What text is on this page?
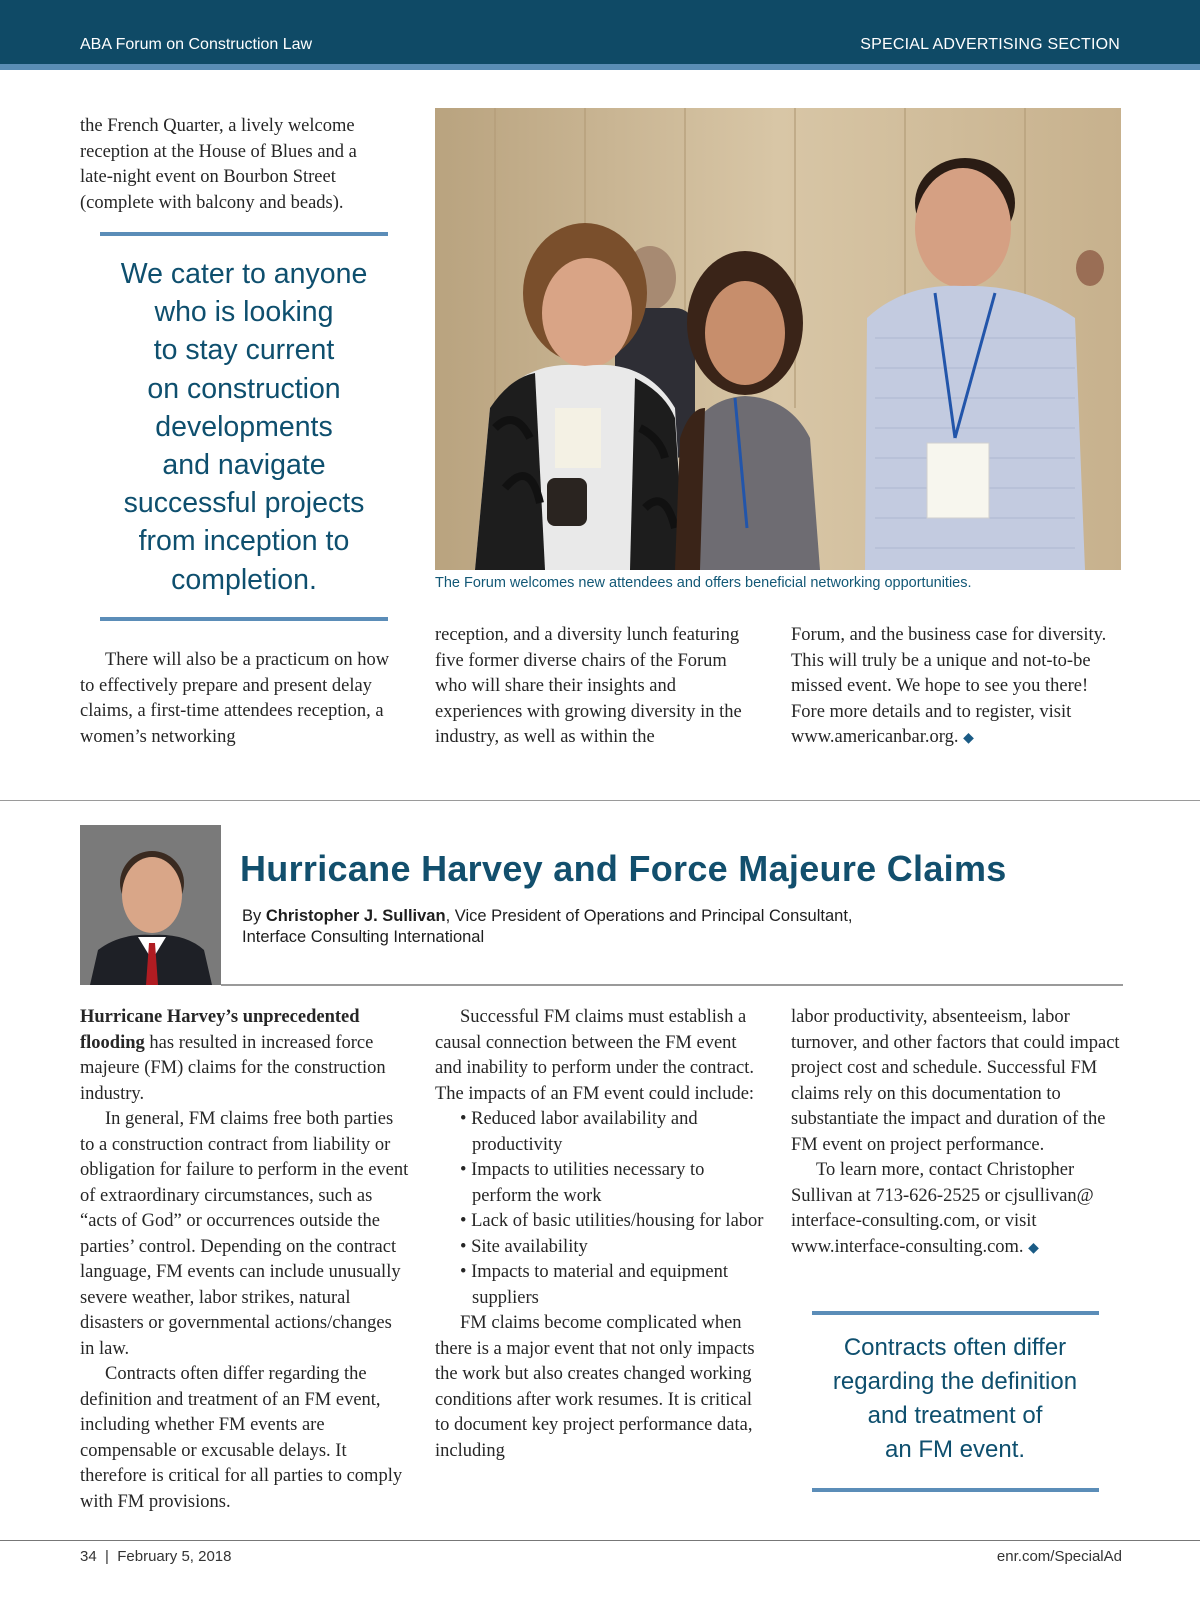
ABA Forum on Construction Law	SPECIAL ADVERTISING SECTION
the French Quarter, a lively welcome reception at the House of Blues and a late-night event on Bourbon Street (complete with balcony and beads).
We cater to anyone
who is looking
to stay current
on construction
developments
and navigate
successful projects
from inception to
completion.	The Forum welcomes new attendees and offers beneficial networking opportunities.
There will also be a practicum on how to effectively prepare and present delay claims, a first-time attendees reception, a women’s networking
reception, and a diversity lunch featuring five former diverse chairs of the Forum who will share their insights and experiences with growing diversity in the industry, as well as within the
Forum, and the business case for diversity. This will truly be a unique and not-to-be missed event. We hope to see you there! Fore more details and to register, visit www.americanbar.org. ◆
Hurricane Harvey and Force Majeure Claims
By Christopher J. Sullivan, Vice President of Operations and Principal Consultant,
Interface Consulting International

Hurricane Harvey’s unprecedented flooding has resulted in increased force majeure (FM) claims for the construction industry.

In general, FM claims free both parties to a construction contract from liability or obligation for failure to perform in the event of extraordinary circumstances, such as “acts of God” or occurrences outside the parties’ control. Depending on the contract language, FM events can include unusually severe weather, labor strikes, natural disasters or governmental actions/changes in law.

Contracts often differ regarding the definition and treatment of an FM event, including whether FM events are compensable or excusable delays. It therefore is critical for all parties to comply with FM provisions.

Successful FM claims must establish a causal connection between the FM event and inability to perform under the contract. The impacts of an FM event could include:

• Reduced labor availability and productivity
• Impacts to utilities necessary to perform the work
• Lack of basic utilities/housing for labor
• Site availability
• Impacts to material and equipment suppliers

FM claims become complicated when there is a major event that not only impacts the work but also creates changed working conditions after work resumes. It is critical to document key project performance data, including

labor productivity, absenteeism, labor turnover, and other factors that could impact project cost and schedule. Successful FM claims rely on this documentation to substantiate the impact and duration of the FM event on project performance.

To learn more, contact Christopher Sullivan at 713-626-2525 or cjsullivan@ interface-consulting.com, or visit www.interface-consulting.com. ◆

Contracts often differ
regarding the definition
and treatment of
an FM event.
34  |  February 5, 2018	enr.com/SpecialAd
